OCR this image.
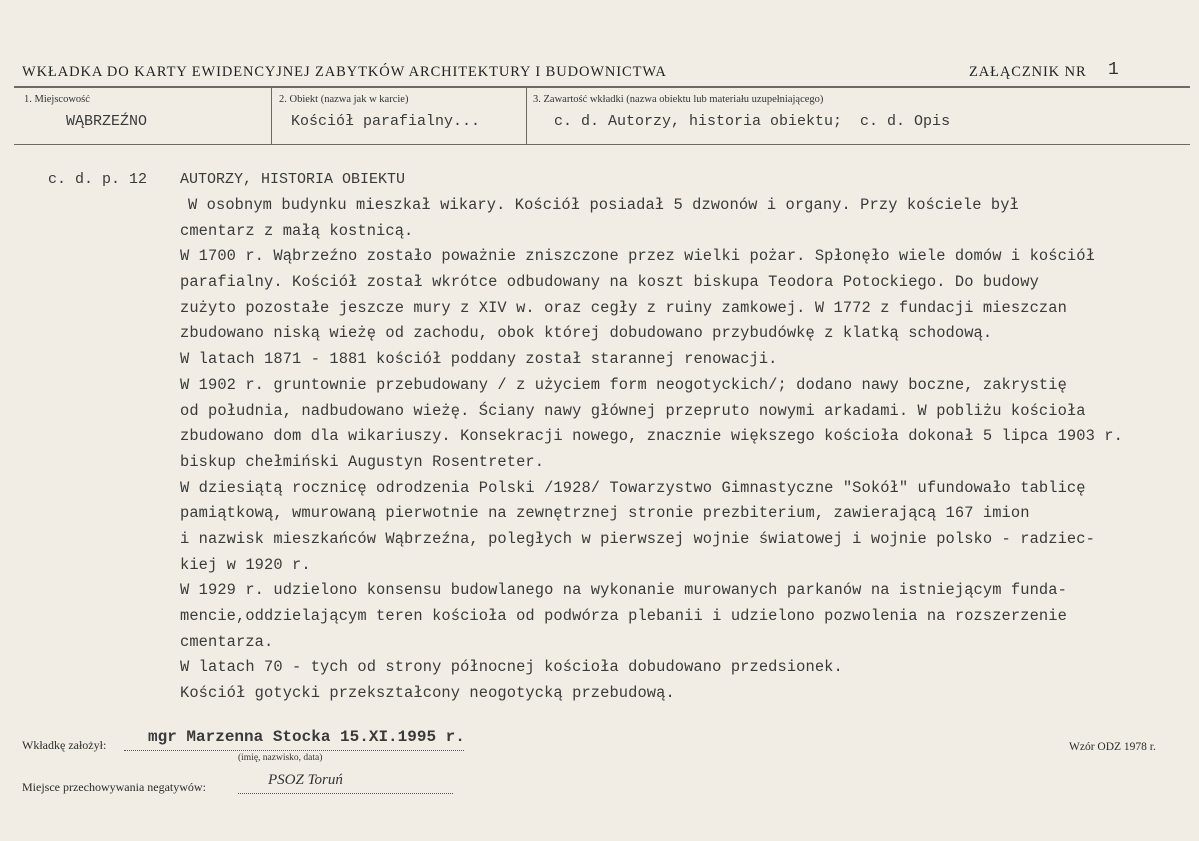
WKŁADKA DO KARTY EWIDENCYJNEJ ZABYTKÓW ARCHITEKTURY I BUDOWNICTWA	ZAŁĄCZNIK NR 1
1. Miejscowość
WĄBRZEŹNO
2. Obiekt (nazwa jak w karcie)
Kościół parafialny...
3. Zawartość wkładki (nazwa obiektu lub materiału uzupełniającego)
c. d. Autorzy, historia obiektu;  c. d. Opis
c. d. p. 12 AUTORZY, HISTORIA OBIEKTU
W osobnym budynku mieszkał wikary. Kościół posiadał 5 dzwonów i organy. Przy kościele był
cmentarz z małą kostnicą.
W 1700 r. Wąbrzeźno zostało poważnie zniszczone przez wielki pożar. Spłonęło wiele domów i kościół
parafialny. Kościół został wkrótce odbudowany na koszt biskupa Teodora Potockiego. Do budowy
zużyto pozostałe jeszcze mury z XIV w. oraz cegły z ruiny zamkowej. W 1772 z fundacji mieszczan
zbudowano niską wieżę od zachodu, obok której dobudowano przybudówkę z klatką schodową.
W latach 1871 - 1881 kościół poddany został starannej renowacji.
W 1902 r. gruntownie przebudowany / z użyciem form neogotyckich/; dodano nawy boczne, zakrystię
od południa, nadbudowano wieżę. Ściany nawy głównej przepruto nowymi arkadami. W pobliżu kościoła
zbudowano dom dla wikariuszy. Konsekracji nowego, znacznie większego kościoła dokonał 5 lipca 1903 r.
biskup chełmiński Augustyn Rosentreter.
W dziesiątą rocznicę odrodzenia Polski /1928/ Towarzystwo Gimnastyczne "Sokół" ufundowało tablicę
pamiątkową, wmurowaną pierwotnie na zewnętrznej stronie prezbiterium, zawierającą 167 imion
i nazwisk mieszkańców Wąbrzeźna, poległych w pierwszej wojnie światowej i wojnie polsko - radziec-
kiej w 1920 r.
W 1929 r. udzielono konsensu budowlanego na wykonanie murowanych parkanów na istniejącym funda-
mencie,oddzielającym teren kościoła od podwórza plebanii i udzielono pozwolenia na rozszerzenie
cmentarza.
W latach 70 - tych od strony północnej kościoła dobudowano przedsionek.
Kościół gotycki przekształcony neogotycką przebudową.
Wkładkę założył:	mgr Marzenna Stocka 15.XI.1995 r.
(imię, nazwisko, data)
Wzór ODZ 1978 r.
Miejsce przechowywania negatywów:	PSOZ Toruń
